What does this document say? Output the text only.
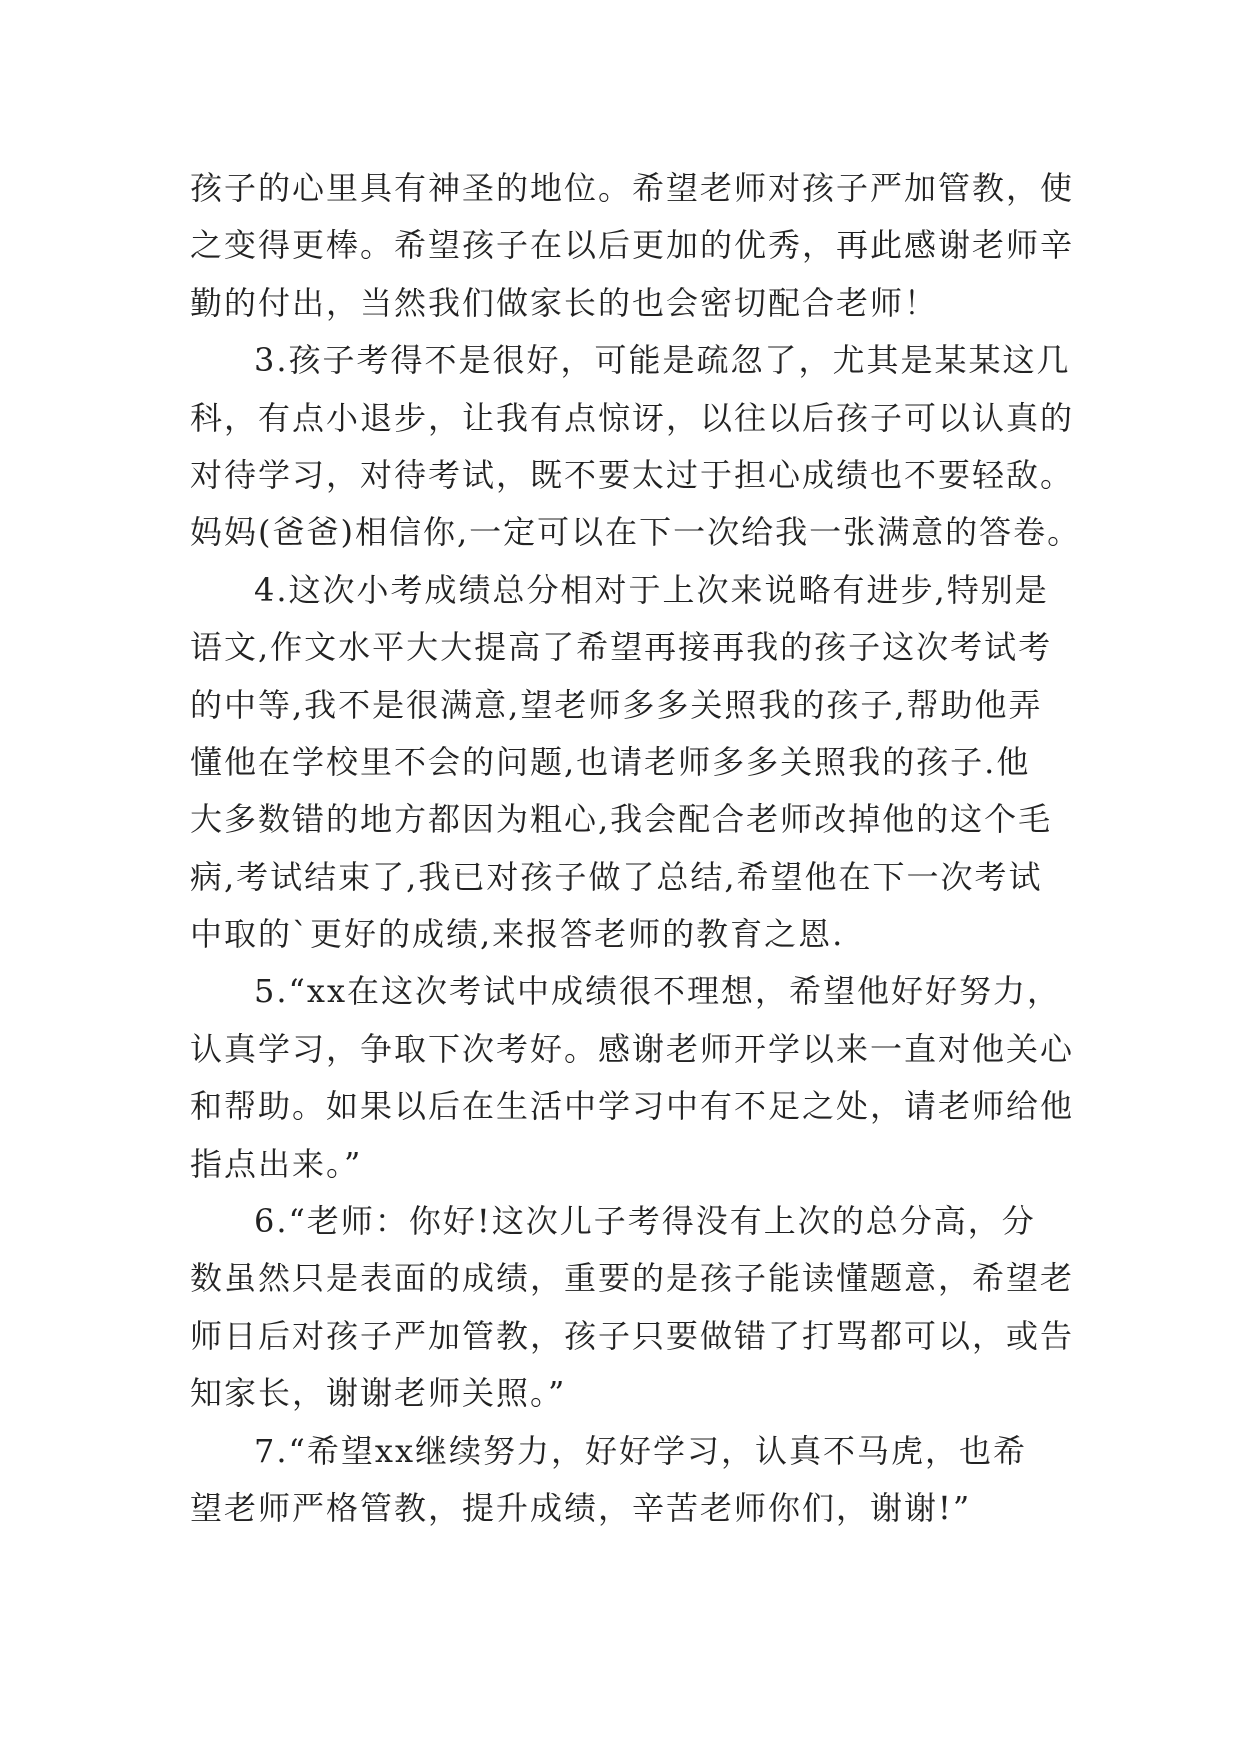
孩子的心里具有神圣的地位。希望老师对孩子严加管教，使
之变得更棒。希望孩子在以后更加的优秀，再此感谢老师辛
勤的付出，当然我们做家长的也会密切配合老师！
3.孩子考得不是很好，可能是疏忽了，尤其是某某这几
科，有点小退步，让我有点惊讶，以往以后孩子可以认真的
对待学习，对待考试，既不要太过于担心成绩也不要轻敌。
妈妈(爸爸)相信你,一定可以在下一次给我一张满意的答卷。
4.这次小考成绩总分相对于上次来说略有进步,特别是
语文,作文水平大大提高了希望再接再我的孩子这次考试考
的中等,我不是很满意,望老师多多关照我的孩子,帮助他弄
懂他在学校里不会的问题,也请老师多多关照我的孩子.他
大多数错的地方都因为粗心,我会配合老师改掉他的这个毛
病,考试结束了,我已对孩子做了总结,希望他在下一次考试
中取的`更好的成绩,来报答老师的教育之恩.
5.“xx在这次考试中成绩很不理想，希望他好好努力，
认真学习，争取下次考好。感谢老师开学以来一直对他关心
和帮助。如果以后在生活中学习中有不足之处，请老师给他
指点出来。”
6.“老师：你好!这次儿子考得没有上次的总分高，分
数虽然只是表面的成绩，重要的是孩子能读懂题意，希望老
师日后对孩子严加管教，孩子只要做错了打骂都可以，或告
知家长，谢谢老师关照。”
7.“希望xx继续努力，好好学习，认真不马虎，也希
望老师严格管教，提升成绩，辛苦老师你们，谢谢!”
